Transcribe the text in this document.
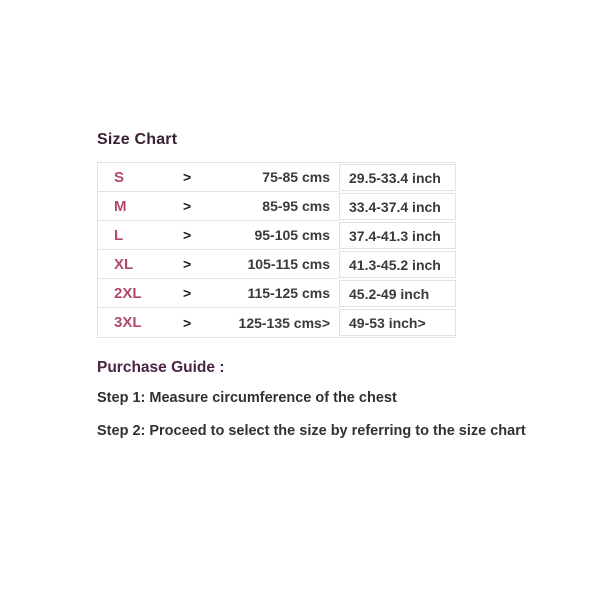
Size Chart
S	>	75-85 cms	29.5-33.4 inch
M	>	85-95 cms	33.4-37.4 inch
L	>	95-105 cms	37.4-41.3 inch
XL	>	105-115 cms	41.3-45.2 inch
2XL	>	115-125 cms	45.2-49 inch
3XL	>	125-135 cms>	49-53 inch>
Purchase Guide :

Step 1: Measure circumference of the chest

Step 2: Proceed to select the size by referring to the size chart
